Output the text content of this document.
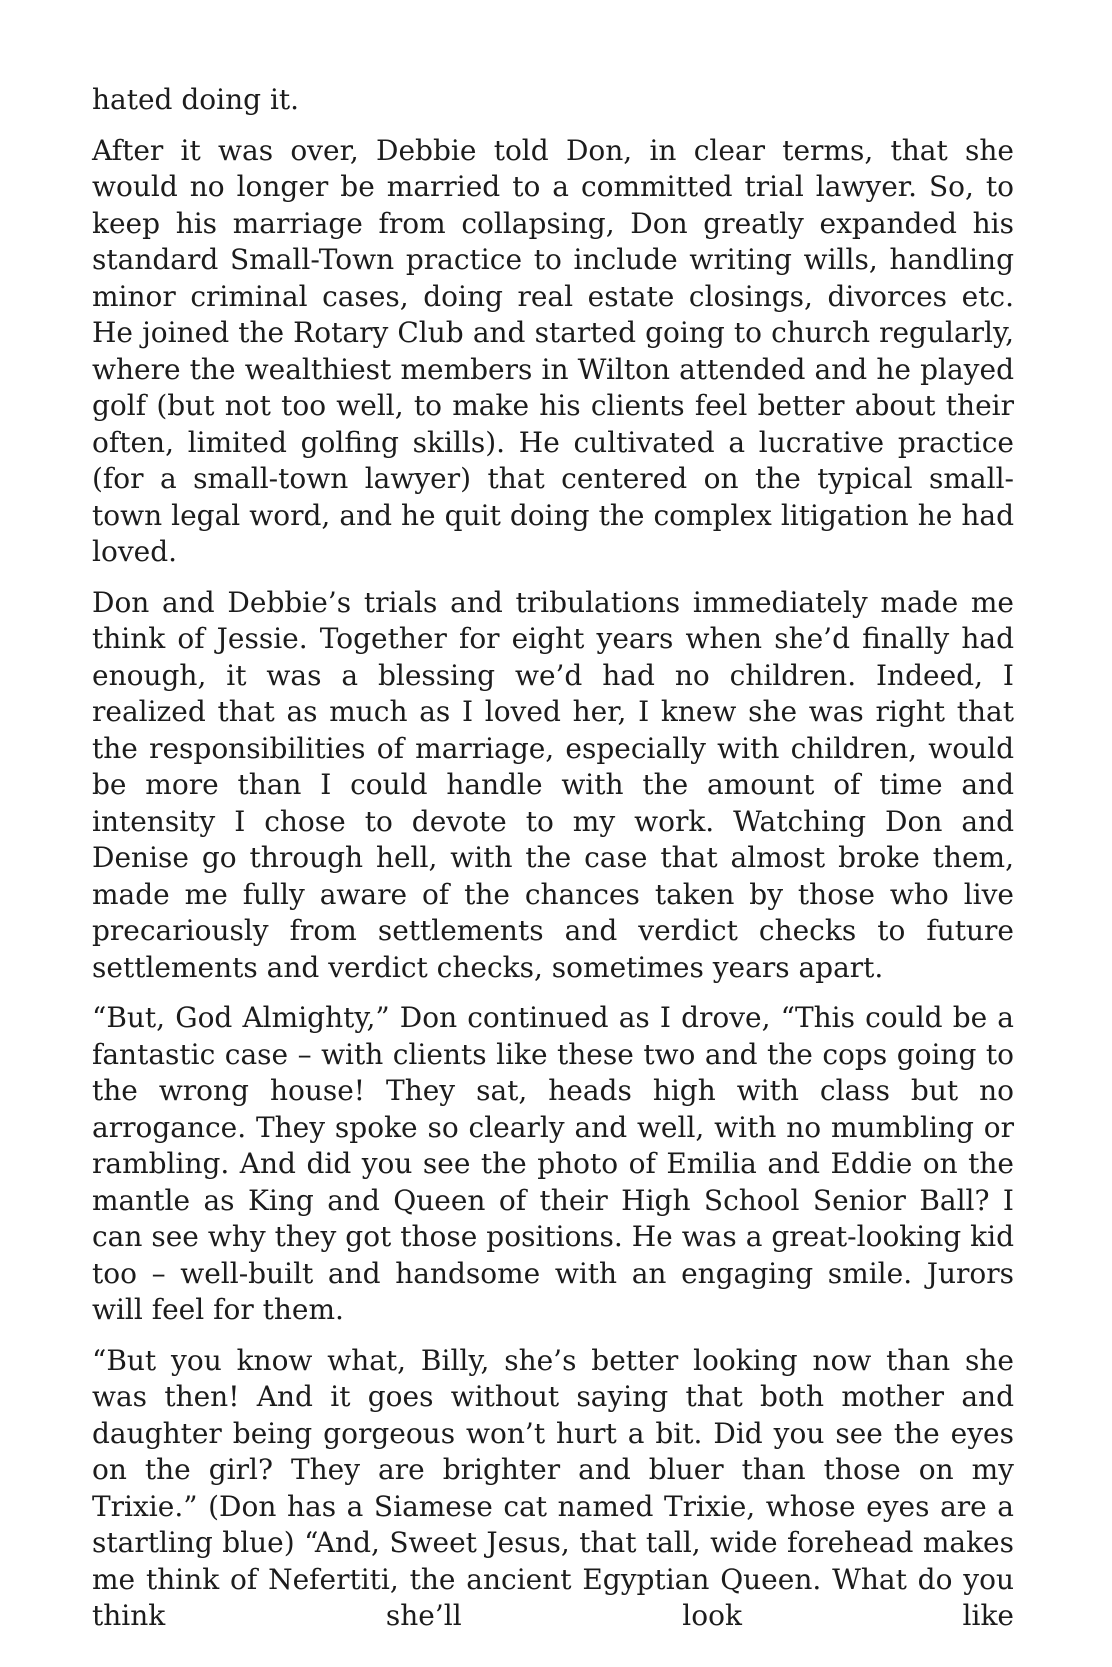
hated doing it.

After it was over, Debbie told Don, in clear terms, that she would no longer be married to a committed trial lawyer. So, to keep his marriage from collapsing, Don greatly expanded his standard Small-Town practice to include writing wills, handling minor criminal cases, doing real estate closings, divorces etc. He joined the Rotary Club and started going to church regularly, where the wealthiest members in Wilton attended and he played golf (but not too well, to make his clients feel better about their often, limited golfing skills). He cultivated a lucrative practice (for a small-town lawyer) that centered on the typical small-town legal word, and he quit doing the complex litigation he had loved.

Don and Debbie’s trials and tribulations immediately made me think of Jessie. Together for eight years when she’d finally had enough, it was a blessing we’d had no children. Indeed, I realized that as much as I loved her, I knew she was right that the responsibilities of marriage, especially with children, would be more than I could handle with the amount of time and intensity I chose to devote to my work. Watching Don and Denise go through hell, with the case that almost broke them, made me fully aware of the chances taken by those who live precariously from settlements and verdict checks to future settlements and verdict checks, sometimes years apart.

“But, God Almighty,” Don continued as I drove, “This could be a fantastic case – with clients like these two and the cops going to the wrong house! They sat, heads high with class but no arrogance. They spoke so clearly and well, with no mumbling or rambling. And did you see the photo of Emilia and Eddie on the mantle as King and Queen of their High School Senior Ball? I can see why they got those positions. He was a great-looking kid too – well-built and handsome with an engaging smile. Jurors will feel for them.

“But you know what, Billy, she’s better looking now than she was then! And it goes without saying that both mother and daughter being gorgeous won’t hurt a bit. Did you see the eyes on the girl? They are brighter and bluer than those on my Trixie.” (Don has a Siamese cat named Trixie, whose eyes are a startling blue) “And, Sweet Jesus, that tall, wide forehead makes me think of Nefertiti, the ancient Egyptian Queen. What do you think she’ll look like
